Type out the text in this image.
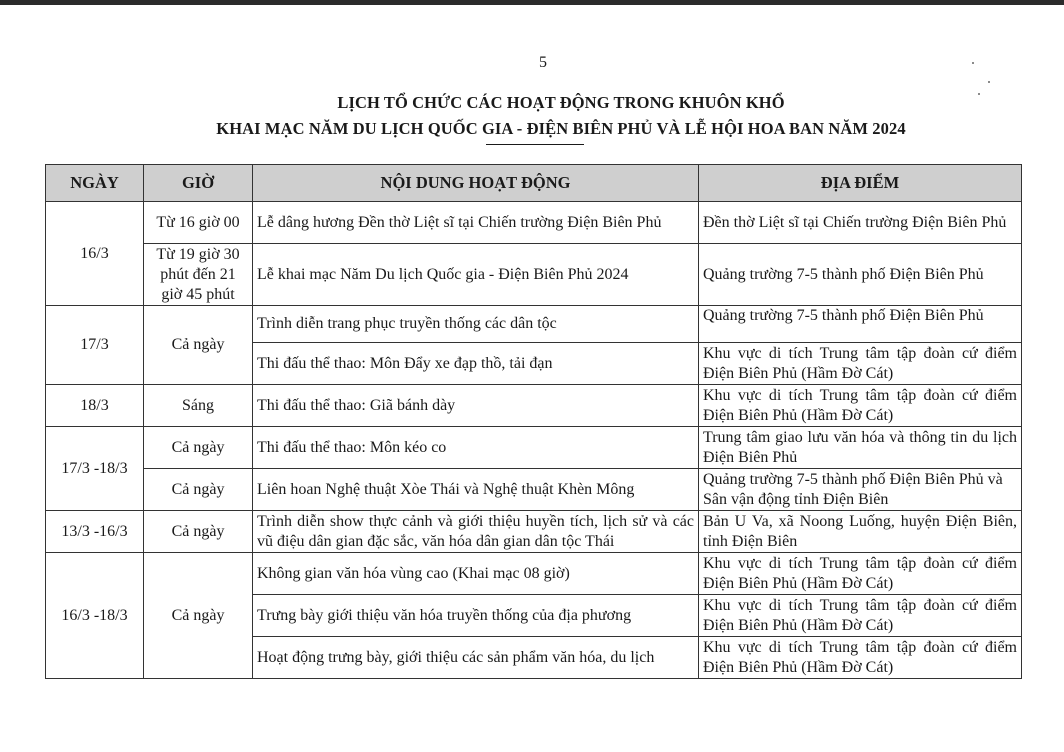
5
LỊCH TỔ CHỨC CÁC HOẠT ĐỘNG TRONG KHUÔN KHỔ
KHAI MẠC NĂM DU LỊCH QUỐC GIA - ĐIỆN BIÊN PHỦ VÀ LỄ HỘI HOA BAN NĂM 2024
NGÀY	GIỜ	NỘI DUNG HOẠT ĐỘNG	ĐỊA ĐIỂM
16/3	Từ 16 giờ 00	Lễ dâng hương Đền thờ Liệt sĩ tại Chiến trường Điện Biên Phủ	Đền thờ Liệt sĩ tại Chiến trường Điện Biên Phủ
	Từ 19 giờ 30 phút đến 21 giờ 45 phút	Lễ khai mạc Năm Du lịch Quốc gia - Điện Biên Phủ 2024	Quảng trường 7-5 thành phố Điện Biên Phủ
17/3	Cả ngày	Trình diễn trang phục truyền thống các dân tộc	Quảng trường 7-5 thành phố Điện Biên Phủ
		Thi đấu thể thao: Môn Đẩy xe đạp thồ, tải đạn	Khu vực di tích Trung tâm tập đoàn cứ điểm Điện Biên Phủ (Hầm Đờ Cát)
18/3	Sáng	Thi đấu thể thao: Giã bánh dày	Khu vực di tích Trung tâm tập đoàn cứ điểm Điện Biên Phủ (Hầm Đờ Cát)
17/3 -18/3	Cả ngày	Thi đấu thể thao: Môn kéo co	Trung tâm giao lưu văn hóa và thông tin du lịch Điện Biên Phủ
	Cả ngày	Liên hoan Nghệ thuật Xòe Thái và Nghệ thuật Khèn Mông	Quảng trường 7-5 thành phố Điện Biên Phủ và Sân vận động tỉnh Điện Biên
13/3 -16/3	Cả ngày	Trình diễn show thực cảnh và giới thiệu huyền tích, lịch sử và các vũ điệu dân gian đặc sắc, văn hóa dân gian dân tộc Thái	Bản U Va, xã Noong Luống, huyện Điện Biên, tỉnh Điện Biên
16/3 -18/3	Cả ngày	Không gian văn hóa vùng cao (Khai mạc 08 giờ)	Khu vực di tích Trung tâm tập đoàn cứ điểm Điện Biên Phủ (Hầm Đờ Cát)
		Trưng bày giới thiệu văn hóa truyền thống của địa phương	Khu vực di tích Trung tâm tập đoàn cứ điểm Điện Biên Phủ (Hầm Đờ Cát)
		Hoạt động trưng bày, giới thiệu các sản phẩm văn hóa, du lịch	Khu vực di tích Trung tâm tập đoàn cứ điểm Điện Biên Phủ (Hầm Đờ Cát)
